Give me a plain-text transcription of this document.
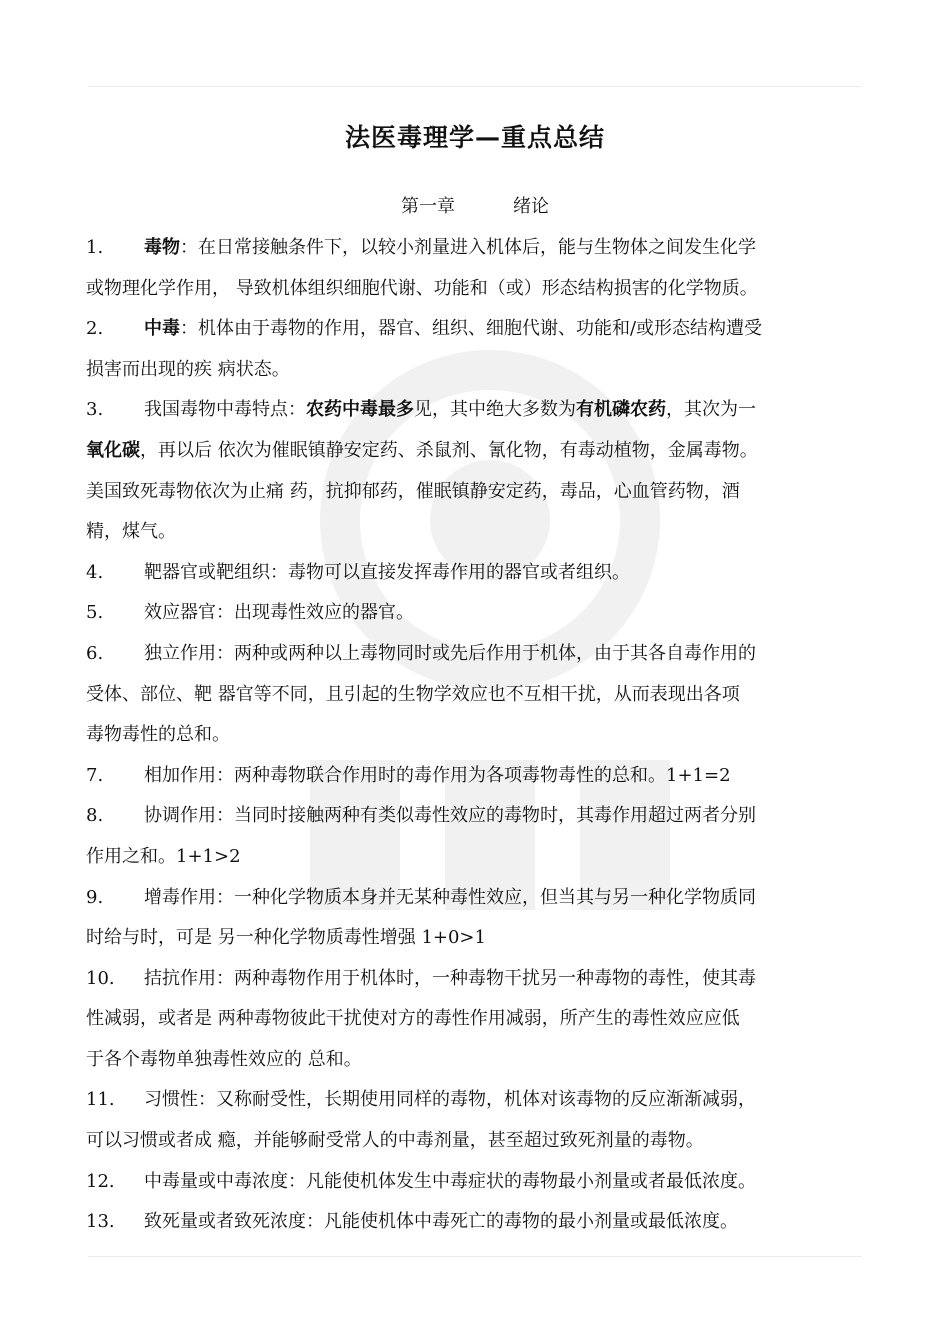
法医毒理学—重点总结
第一章	绪论

1. 毒物：在日常接触条件下，以较小剂量进入机体后，能与生物体之间发生化学

或物理化学作用， 导致机体组织细胞代谢、功能和（或）形态结构损害的化学物质。

2. 中毒：机体由于毒物的作用，器官、组织、细胞代谢、功能和/或形态结构遭受

损害而出现的疾 病状态。

3. 我国毒物中毒特点：农药中毒最多见，其中绝大多数为有机磷农药，其次为一

氧化碳，再以后 依次为催眠镇静安定药、杀鼠剂、氰化物，有毒动植物，金属毒物。

美国致死毒物依次为止痛 药，抗抑郁药，催眠镇静安定药，毒品，心血管药物，酒

精，煤气。

4. 靶器官或靶组织：毒物可以直接发挥毒作用的器官或者组织。

5. 效应器官：出现毒性效应的器官。

6. 独立作用：两种或两种以上毒物同时或先后作用于机体，由于其各自毒作用的

受体、部位、靶 器官等不同，且引起的生物学效应也不互相干扰，从而表现出各项

毒物毒性的总和。

7. 相加作用：两种毒物联合作用时的毒作用为各项毒物毒性的总和。1+1=2

8. 协调作用：当同时接触两种有类似毒性效应的毒物时，其毒作用超过两者分别

作用之和。1+1>2

9. 增毒作用：一种化学物质本身并无某种毒性效应，但当其与另一种化学物质同

时给与时，可是 另一种化学物质毒性增强 1+0>1

10. 拮抗作用：两种毒物作用于机体时，一种毒物干扰另一种毒物的毒性，使其毒

性减弱，或者是 两种毒物彼此干扰使对方的毒性作用减弱，所产生的毒性效应应低

于各个毒物单独毒性效应的 总和。

11. 习惯性：又称耐受性，长期使用同样的毒物，机体对该毒物的反应渐渐减弱，

可以习惯或者成 瘾，并能够耐受常人的中毒剂量，甚至超过致死剂量的毒物。

12. 中毒量或中毒浓度：凡能使机体发生中毒症状的毒物最小剂量或者最低浓度。

13. 致死量或者致死浓度：凡能使机体中毒死亡的毒物的最小剂量或最低浓度。
